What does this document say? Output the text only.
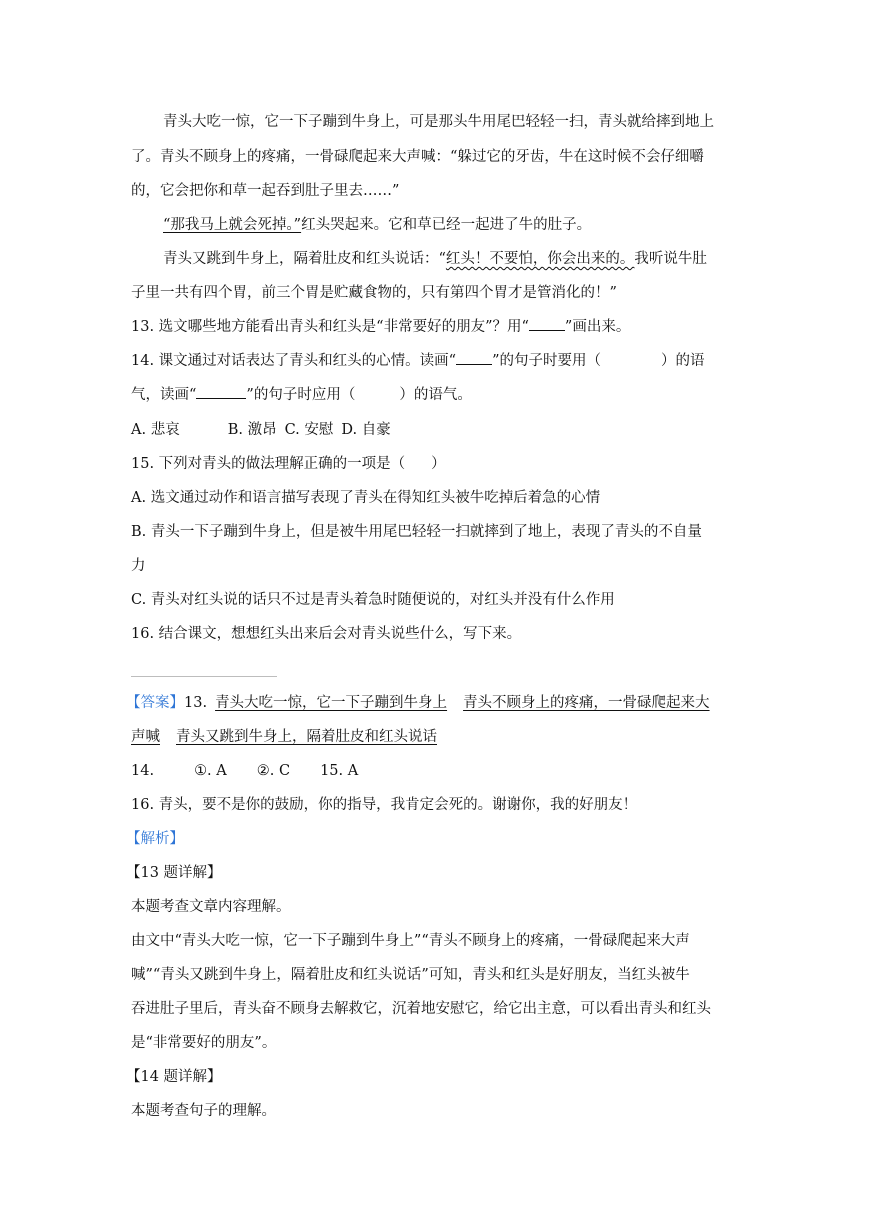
青头大吃一惊，它一下子蹦到牛身上，可是那头牛用尾巴轻轻一扫，青头就给摔到地上
了。青头不顾身上的疼痛，一骨碌爬起来大声喊：“躲过它的牙齿，牛在这时候不会仔细嚼
的，它会把你和草一起吞到肚子里去……”
“那我马上就会死掉。”红头哭起来。它和草已经一起进了牛的肚子。
青头又跳到牛身上，隔着肚皮和红头说话：“红头！不要怕，你会出来的。我听说牛肚
子里一共有四个胃，前三个胃是贮藏食物的，只有第四个胃才是管消化的！”
13. 选文哪些地方能看出青头和红头是“非常要好的朋友”？用“ ”画出来。
14. 课文通过对话表达了青头和红头的心情。读画“ ”的句子时要用（	）的语
气，读画“	”的句子时应用（	）的语气。
A. 悲哀	B. 激昂 C. 安慰 D. 自豪
15. 下列对青头的做法理解正确的一项是（ ）
A. 选文通过动作和语言描写表现了青头在得知红头被牛吃掉后着急的心情
B. 青头一下子蹦到牛身上，但是被牛用尾巴轻轻一扫就摔到了地上，表现了青头的不自量
力
C. 青头对红头说的话只不过是青头着急时随便说的，对红头并没有什么作用
16. 结合课文，想想红头出来后会对青头说些什么，写下来。
【答案】13. 青头大吃一惊，它一下子蹦到牛身上 青头不顾身上的疼痛，一骨碌爬起来大
声喊 青头又跳到牛身上，隔着肚皮和红头说话
14.	①. A ②. C 15. A
16. 青头，要不是你的鼓励，你的指导，我肯定会死的。谢谢你，我的好朋友！
【解析】
【13 题详解】
本题考查文章内容理解。
由文中“青头大吃一惊，它一下子蹦到牛身上”“青头不顾身上的疼痛，一骨碌爬起来大声
喊”“青头又跳到牛身上，隔着肚皮和红头说话”可知，青头和红头是好朋友，当红头被牛
吞进肚子里后，青头奋不顾身去解救它，沉着地安慰它，给它出主意，可以看出青头和红头
是“非常要好的朋友”。
【14 题详解】
本题考查句子的理解。
